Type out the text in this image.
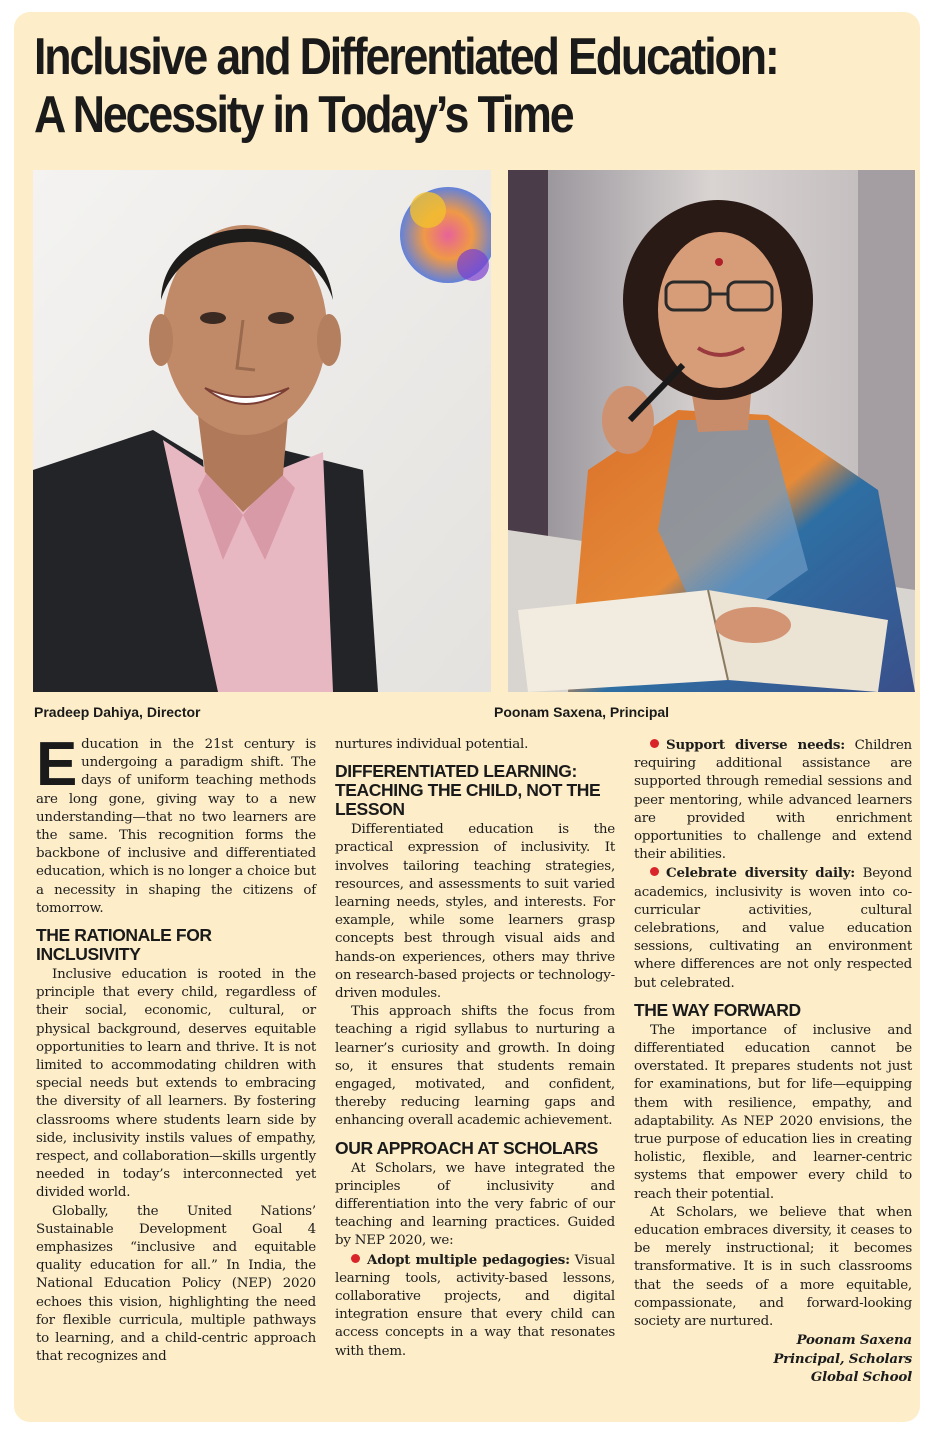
Inclusive and Differentiated Education:
A Necessity in Today’s Time

Pradeep Dahiya, Director	Poonam Saxena, Principal

Education in the 21st century is undergoing a paradigm shift. The days of uniform teaching methods are long gone, giving way to a new understanding—that no two learners are the same. This recognition forms the backbone of inclusive and differentiated education, which is no longer a choice but a necessity in shaping the citizens of tomorrow.

THE RATIONALE FOR INCLUSIVITY

Inclusive education is rooted in the principle that every child, regardless of their social, economic, cultural, or physical background, deserves equitable opportunities to learn and thrive. It is not limited to accommodating children with special needs but extends to embracing the diversity of all learners. By fostering classrooms where students learn side by side, inclusivity instils values of empathy, respect, and collaboration—skills urgently needed in today’s interconnected yet divided world.

Globally, the United Nations’ Sustainable Development Goal 4 emphasizes “inclusive and equitable quality education for all.” In India, the National Education Policy (NEP) 2020 echoes this vision, highlighting the need for flexible curricula, multiple pathways to learning, and a child-centric approach that recognizes and

nurtures individual potential.

DIFFERENTIATED LEARNING: TEACHING THE CHILD, NOT THE LESSON

Differentiated education is the practical expression of inclusivity. It involves tailoring teaching strategies, resources, and assessments to suit varied learning needs, styles, and interests. For example, while some learners grasp concepts best through visual aids and hands-on experiences, others may thrive on research-based projects or technology-driven modules.

This approach shifts the focus from teaching a rigid syllabus to nurturing a learner’s curiosity and growth. In doing so, it ensures that students remain engaged, motivated, and confident, thereby reducing learning gaps and enhancing overall academic achievement.

OUR APPROACH AT SCHOLARS

At Scholars, we have integrated the principles of inclusivity and differentiation into the very fabric of our teaching and learning practices. Guided by NEP 2020, we:

Adopt multiple pedagogies: Visual learning tools, activity-based lessons, collaborative projects, and digital integration ensure that every child can access concepts in a way that resonates with them.

Support diverse needs: Children requiring additional assistance are supported through remedial sessions and peer mentoring, while advanced learners are provided with enrichment opportunities to challenge and extend their abilities.

Celebrate diversity daily: Beyond academics, inclusivity is woven into co-curricular activities, cultural celebrations, and value education sessions, cultivating an environment where differences are not only respected but celebrated.

THE WAY FORWARD

The importance of inclusive and differentiated education cannot be overstated. It prepares students not just for examinations, but for life—equipping them with resilience, empathy, and adaptability. As NEP 2020 envisions, the true purpose of education lies in creating holistic, flexible, and learner-centric systems that empower every child to reach their potential.

At Scholars, we believe that when education embraces diversity, it ceases to be merely instructional; it becomes transformative. It is in such classrooms that the seeds of a more equitable, compassionate, and forward-looking society are nurtured.

Poonam Saxena

Principal, Scholars

Global School
